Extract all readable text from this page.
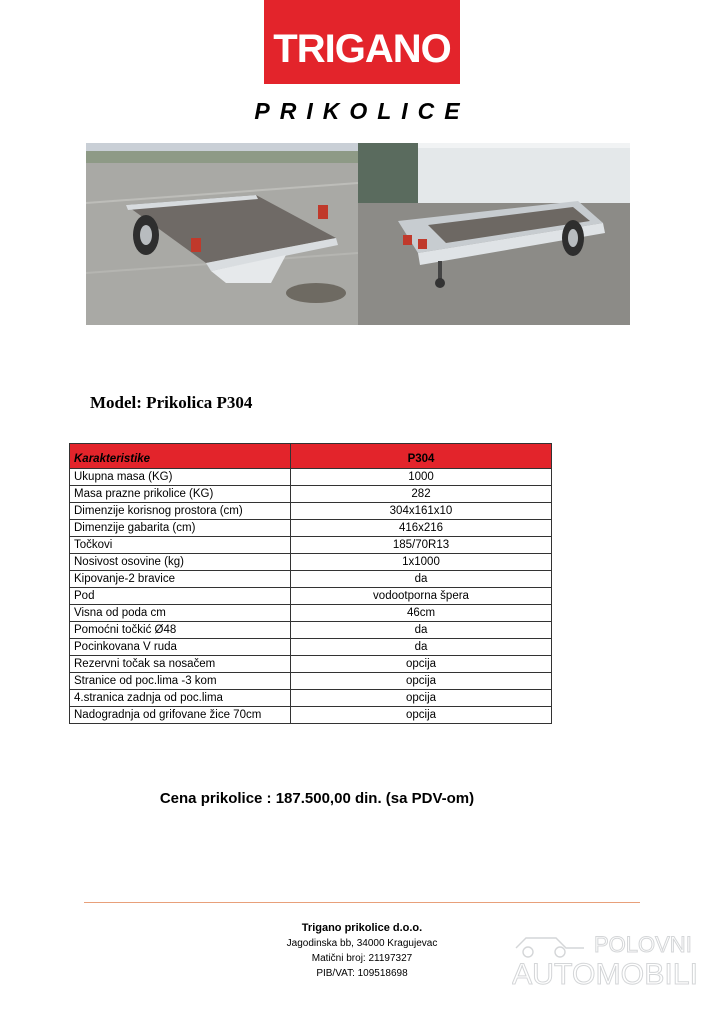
TRIGANO
PRIKOLICE
Model: Prikolica P304
Karakteristike	P304
Ukupna masa (KG)	1000
Masa prazne prikolice (KG)	282
Dimenzije korisnog prostora (cm)	304x161x10
Dimenzije gabarita (cm)	416x216
Točkovi	185/70R13
Nosivost osovine (kg)	1x1000
Kipovanje-2 bravice	da
Pod	vodootporna špera
Visna od poda cm	46cm
Pomoćni točkić Ø48	da
Pocinkovana V ruda	da
Rezervni točak sa nosačem	opcija
Stranice od poc.lima -3 kom	opcija
4.stranica zadnja od poc.lima	opcija
Nadogradnja od grifovane žice 70cm	opcija
Cena prikolice : 187.500,00 din. (sa PDV-om)
Trigano prikolice d.o.o.
Jagodinska bb, 34000 Kragujevac
Matični broj: 21197327
PIB/VAT: 109518698
POLOVNI
AUTOMOBILI
